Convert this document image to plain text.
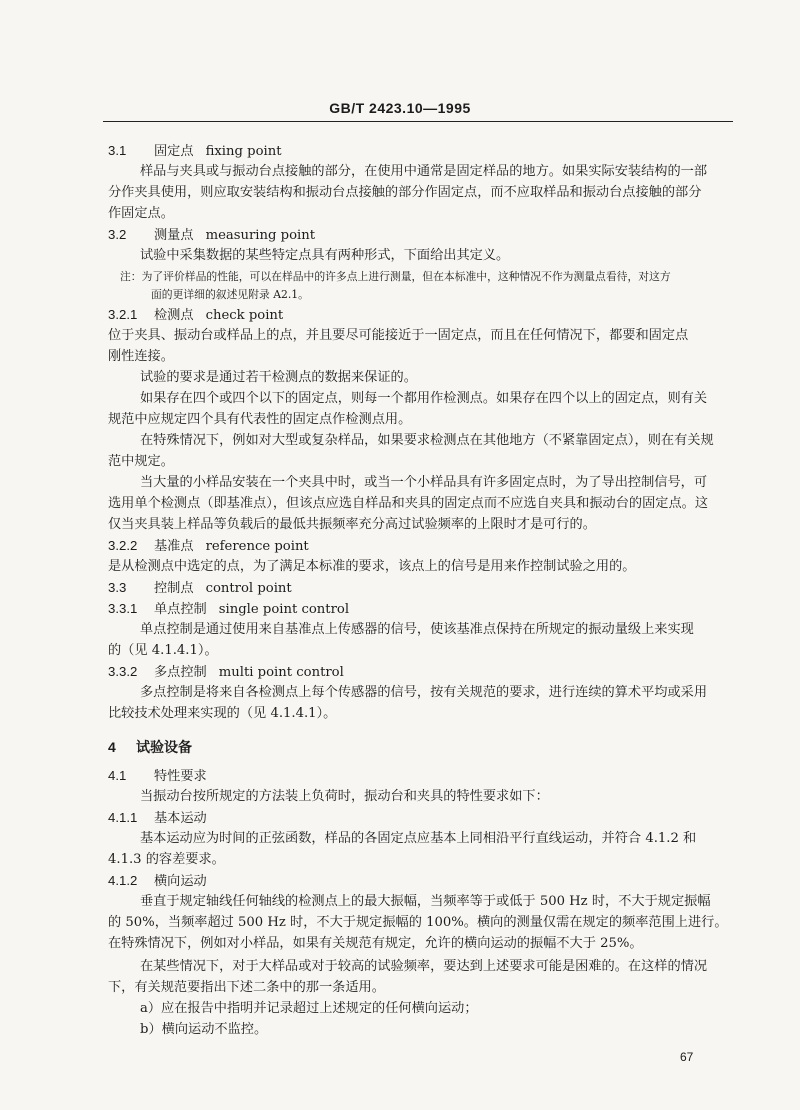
GB/T 2423.10—1995
3.1 固定点 fixing point
样品与夹具或与振动台点接触的部分，在使用中通常是固定样品的地方。如果实际安装结构的一部
分作夹具使用，则应取安装结构和振动台点接触的部分作固定点，而不应取样品和振动台点接触的部分
作固定点。
3.2 测量点 measuring point
试验中采集数据的某些特定点具有两种形式，下面给出其定义。
注：为了评价样品的性能，可以在样品中的许多点上进行测量，但在本标准中，这种情况不作为测量点看待，对这方
面的更详细的叙述见附录 A2.1。
3.2.1 检测点 check point
位于夹具、振动台或样品上的点，并且要尽可能接近于一固定点，而且在任何情况下，都要和固定点
刚性连接。
试验的要求是通过若干检测点的数据来保证的。
如果存在四个或四个以下的固定点，则每一个都用作检测点。如果存在四个以上的固定点，则有关
规范中应规定四个具有代表性的固定点作检测点用。
在特殊情况下，例如对大型或复杂样品，如果要求检测点在其他地方（不紧靠固定点），则在有关规
范中规定。
当大量的小样品安装在一个夹具中时，或当一个小样品具有许多固定点时，为了导出控制信号，可
选用单个检测点（即基准点），但该点应选自样品和夹具的固定点而不应选自夹具和振动台的固定点。这
仅当夹具装上样品等负载后的最低共振频率充分高过试验频率的上限时才是可行的。
3.2.2 基准点 reference point
是从检测点中选定的点，为了满足本标准的要求，该点上的信号是用来作控制试验之用的。
3.3 控制点 control point
3.3.1 单点控制 single point control
单点控制是通过使用来自基准点上传感器的信号，使该基准点保持在所规定的振动量级上来实现
的（见 4.1.4.1）。
3.3.2 多点控制 multi point control
多点控制是将来自各检测点上每个传感器的信号，按有关规范的要求，进行连续的算术平均或采用
比较技术处理来实现的（见 4.1.4.1）。
4 试验设备
4.1 特性要求
当振动台按所规定的方法装上负荷时，振动台和夹具的特性要求如下：
4.1.1 基本运动
基本运动应为时间的正弦函数，样品的各固定点应基本上同相沿平行直线运动，并符合 4.1.2 和
4.1.3 的容差要求。
4.1.2 横向运动
垂直于规定轴线任何轴线的检测点上的最大振幅，当频率等于或低于 500 Hz 时，不大于规定振幅
的 50%，当频率超过 500 Hz 时，不大于规定振幅的 100%。横向的测量仅需在规定的频率范围上进行。
在特殊情况下，例如对小样品，如果有关规范有规定，允许的横向运动的振幅不大于 25%。
在某些情况下，对于大样品或对于较高的试验频率，要达到上述要求可能是困难的。在这样的情况
下，有关规范要指出下述二条中的那一条适用。
a）应在报告中指明并记录超过上述规定的任何横向运动；
b）横向运动不监控。
67
